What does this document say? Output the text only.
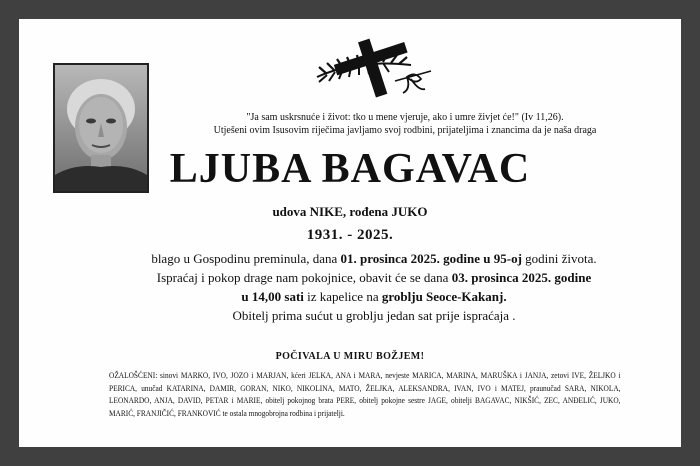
"Ja sam uskrsnuće i život: tko u mene vjeruje, ako i umre živjet će!" (Iv 11,26).
Utješeni ovim Isusovim riječima javljamo svoj rodbini, prijateljima i znancima da je naša draga
LJUBA BAGAVAC
udova NIKE, rođena JUKO
1931. - 2025.
blago u Gospodinu preminula, dana 01. prosinca 2025. godine u 95-oj godini života.
Ispraćaj i pokop drage nam pokojnice, obavit će se dana 03. prosinca 2025. godine
u 14,00 sati iz kapelice na groblju Seoce-Kakanj.
Obitelj prima sućut u groblju jedan sat prije ispraćaja .
POČIVALA U MIRU BOŽJEM!
OŽALOŠĆENI: sinovi MARKO, IVO, JOZO i MARJAN, kćeri JELKA, ANA i MARA, nevjeste MARICA, MARINA, MARUŠKA i JANJA, zetovi IVE, ŽELJKO i PERICA, unučad KATARINA, DAMIR, GORAN, NIKO, NIKOLINA, MATO, ŽELJKA, ALEKSANDRA, IVAN, IVO i MATEJ, praunučad SARA, NIKOLA, LEONARDO, ANJA, DAVID, PETAR i MARIE, obitelj pokojnog brata PERE, obitelj pokojne sestre JAGE, obitelji BAGAVAC, NIKŠIĆ, ZEC, ANĐELIĆ, JUKO, MARIĆ, FRANJIČIĆ, FRANKOVIĆ te ostala mnogobrojna rodbina i prijatelji.
